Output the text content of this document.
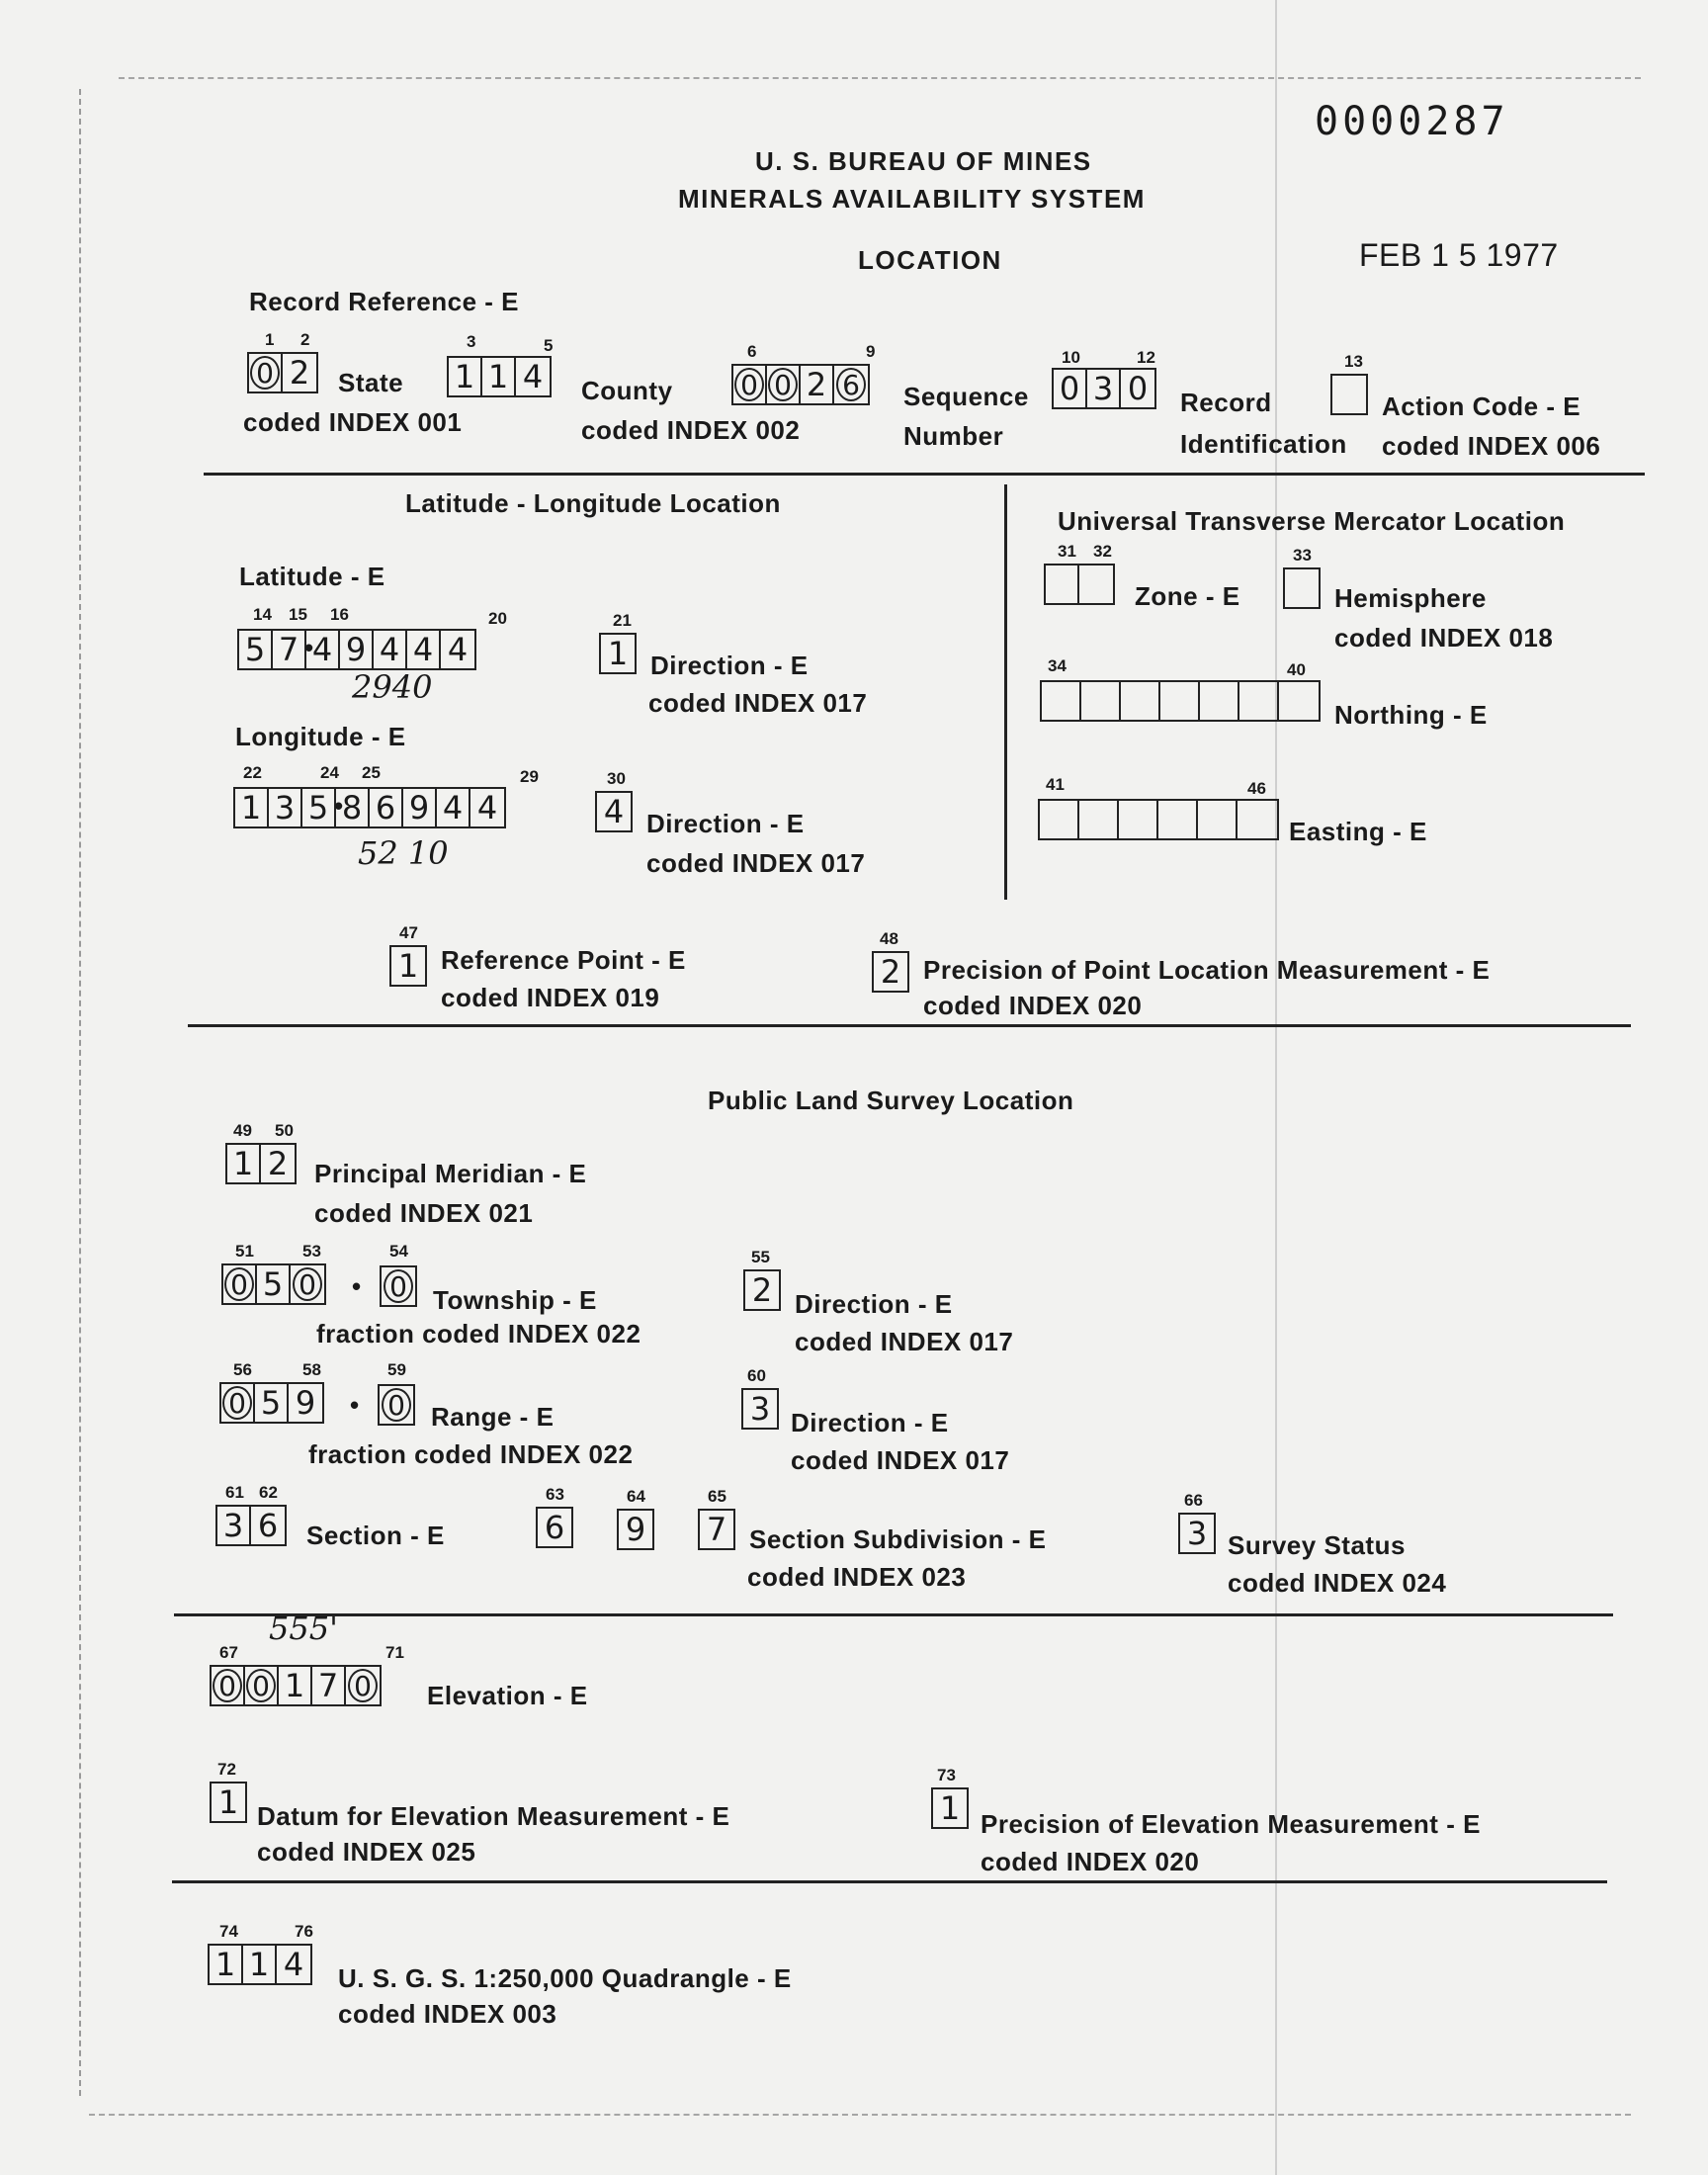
0000287
U. S. BUREAU OF MINES
MINERALS AVAILABILITY SYSTEM
LOCATION	FEB 1 5 1977
Record Reference - E
1 2
0 2 State
coded INDEX 001
3	5
1 1 4 County
coded INDEX 002
6	9
0 0 2 6 Sequence
Number
10	12
0 3 0 Record
Identification
13
Action Code - E
coded INDEX 006
Latitude - Longitude Location
Latitude - E
14 15 16	20
5 7 4 9 4 4 4
•
2940
21
1 Direction - E
coded INDEX 017
Longitude - E
22	24 25	29
1 3 5 8 6 9 4 4
•
52 10
30
4 Direction - E
coded INDEX 017
Universal Transverse Mercator Location
31 32
Zone - E
33
Hemisphere
coded INDEX 018
34	40
Northing - E
41	46
Easting - E
47
1 Reference Point - E
coded INDEX 019
48
2 Precision of Point Location Measurement - E
coded INDEX 020
Public Land Survey Location
49 50
1 2 Principal Meridian - E
coded INDEX 021
51	53	54
0 5 0 • 0 Township - E
fraction coded INDEX 022
55
2 Direction - E
coded INDEX 017
56	58	59
0 5 9 • 0 Range - E
fraction coded INDEX 022
60
3 Direction - E
coded INDEX 017
61 62
3 6 Section - E
63
6
64
9
65
7 Section Subdivision - E
coded INDEX 023
66
3 Survey Status
coded INDEX 024
555'
67	71
0 0 1 7 0 Elevation - E
72
1 Datum for Elevation Measurement - E
coded INDEX 025
73
1 Precision of Elevation Measurement - E
coded INDEX 020
74	76
1 1 4 U. S. G. S. 1:250,000 Quadrangle - E
coded INDEX 003
